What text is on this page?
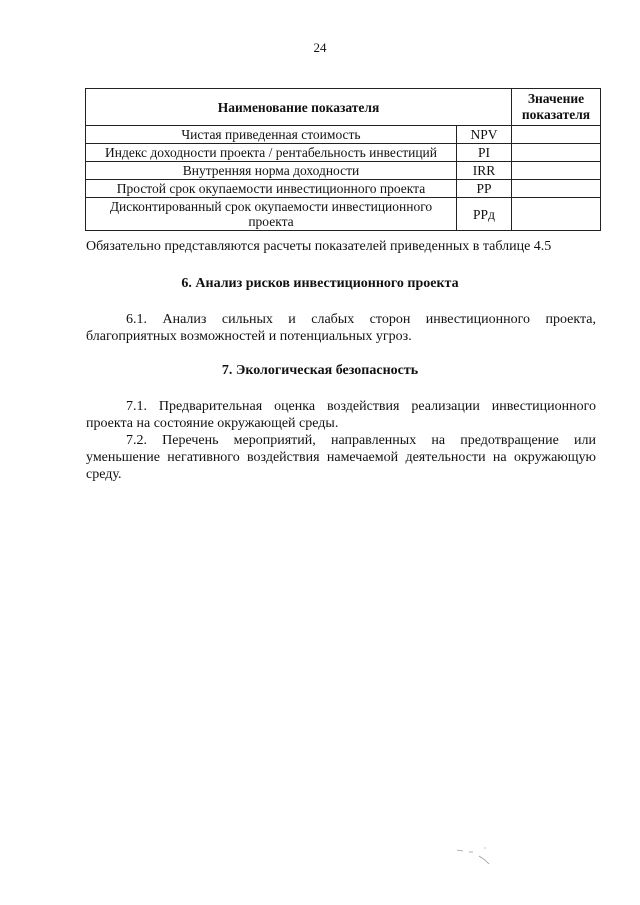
24
Наименование показателя		Значение показателя
Чистая приведенная стоимость	NPV	
Индекс доходности проекта / рентабельность инвестиций	PI	
Внутренняя норма доходности	IRR	
Простой срок окупаемости инвестиционного проекта	PP	
Дисконтированный срок окупаемости инвестиционного проекта	PPд	
Обязательно представляются расчеты показателей приведенных в таблице 4.5
6. Анализ рисков инвестиционного проекта
6.1. Анализ сильных и слабых сторон инвестиционного проекта, благоприятных возможностей и потенциальных угроз.
7. Экологическая безопасность
7.1. Предварительная оценка воздействия реализации инвестиционного проекта на состояние окружающей среды.
7.2. Перечень мероприятий, направленных на предотвращение или уменьшение негативного воздействия намечаемой деятельности на окружающую среду.
